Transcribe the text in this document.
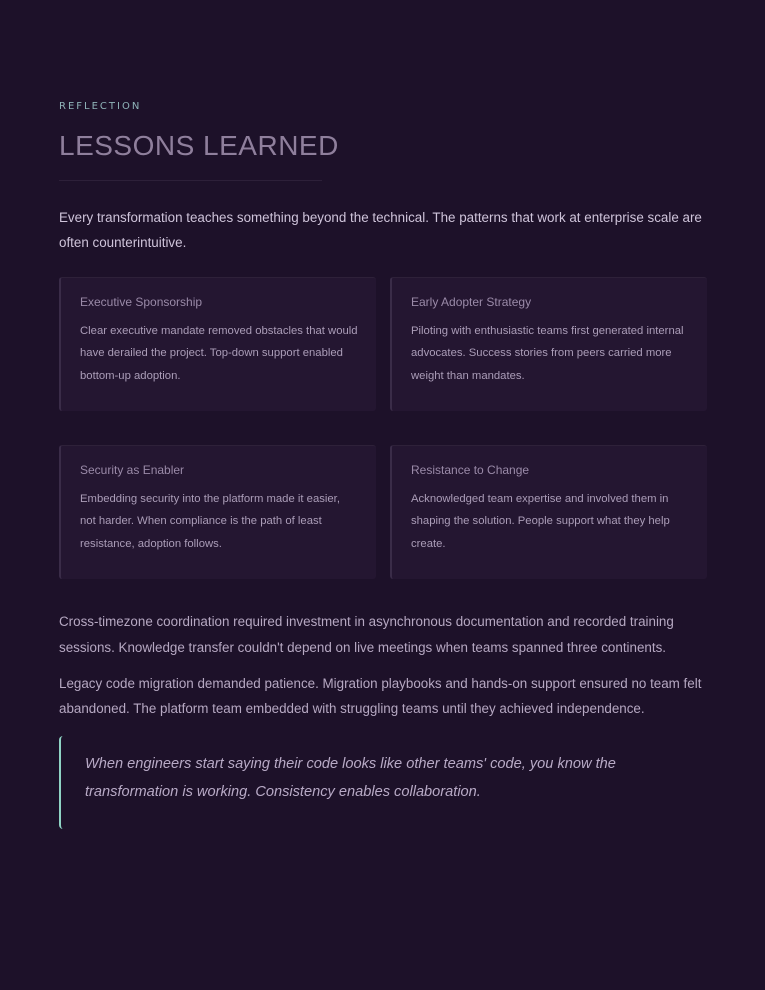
REFLECTION
LESSONS LEARNED

Every transformation teaches something beyond the technical. The patterns that work at enterprise scale are often counterintuitive.

Executive Sponsorship
Clear executive mandate removed obstacles that would have derailed the project. Top-down support enabled bottom-up adoption.
Early Adopter Strategy
Piloting with enthusiastic teams first generated internal advocates. Success stories from peers carried more weight than mandates.
Security as Enabler
Embedding security into the platform made it easier, not harder. When compliance is the path of least resistance, adoption follows.
Resistance to Change
Acknowledged team expertise and involved them in shaping the solution. People support what they help create.

Cross-timezone coordination required investment in asynchronous documentation and recorded training sessions. Knowledge transfer couldn't depend on live meetings when teams spanned three continents.

Legacy code migration demanded patience. Migration playbooks and hands-on support ensured no team felt abandoned. The platform team embedded with struggling teams until they achieved independence.

When engineers start saying their code looks like other teams' code, you know the transformation is working. Consistency enables collaboration.
